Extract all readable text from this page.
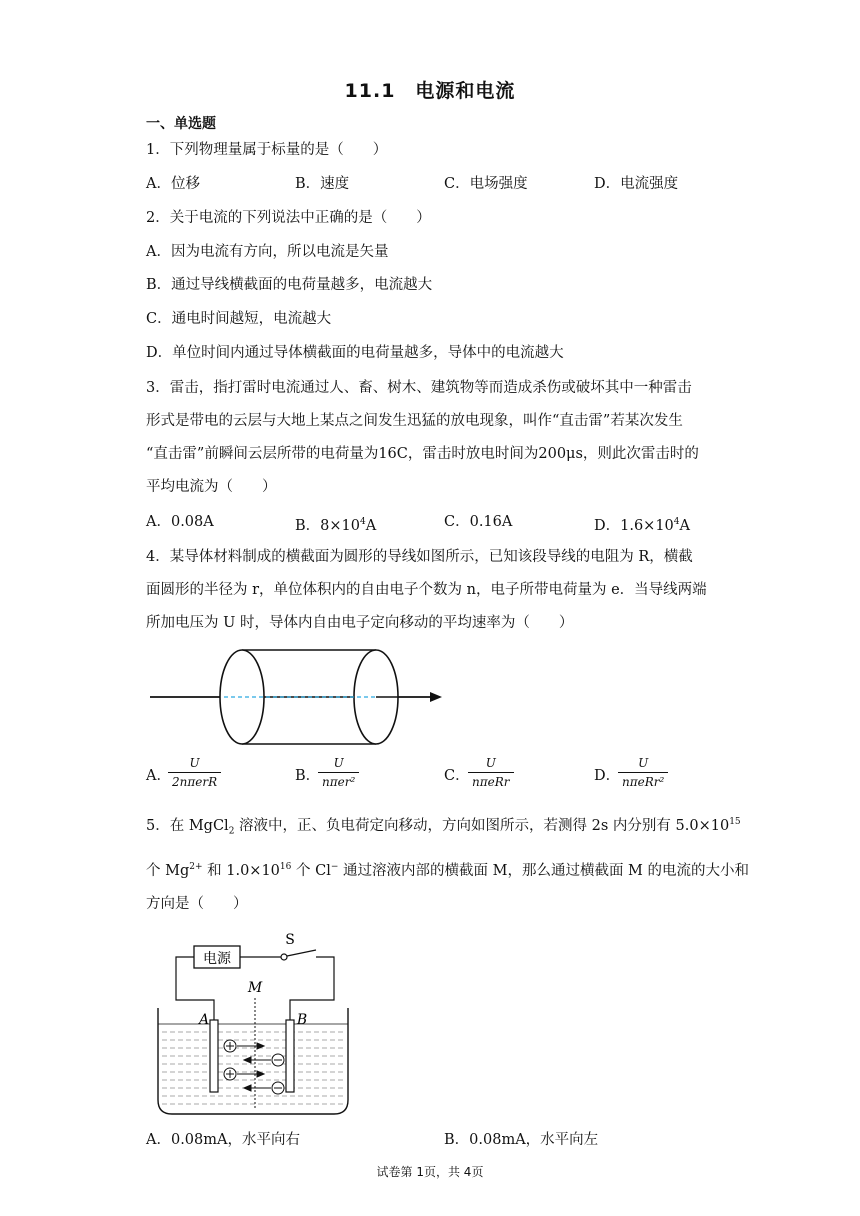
11.1　电源和电流
一、单选题
1．下列物理量属于标量的是（　　）
A．位移	B．速度	C．电场强度	D．电流强度
2．关于电流的下列说法中正确的是（　　）
A．因为电流有方向，所以电流是矢量
B．通过导线横截面的电荷量越多，电流越大
C．通电时间越短，电流越大
D．单位时间内通过导体横截面的电荷量越多，导体中的电流越大
3．雷击，指打雷时电流通过人、畜、树木、建筑物等而造成杀伤或破坏其中一种雷击
形式是带电的云层与大地上某点之间发生迅猛的放电现象，叫作“直击雷”若某次发生
“直击雷”前瞬间云层所带的电荷量为16C，雷击时放电时间为200μs，则此次雷击时的
平均电流为（　　）
A．0.08A	B．$8\times 10^4A$	C．0.16A	D．$1.6\times 10^4A$
4．某导体材料制成的横截面为圆形的导线如图所示，已知该段导线的电阻为 R，横截
面圆形的半径为 r，单位体积内的自由电子个数为 n，电子所带电荷量为 e．当导线两端
所加电压为 U 时，导体内自由电子定向移动的平均速率为（　　）
A．
U
2nπerR	B．
U
nπer²	C．
U
nπeRr	D．
U
nπeRr²
5．在 MgCl$_2$ 溶液中，正、负电荷定向移动，方向如图所示，若测得 2s 内分别有 $5.0\times 10^{15}$
个 $Mg^{2+}$ 和 $1.0\times 10^{16}$ 个 Cl− 通过溶液内部的横截面 M，那么通过横截面 M 的电流的大小和
方向是（　　）
电源
S
M
A	B
A．0.08mA，水平向右	B．0.08mA，水平向左
试卷第 1页，共 4页
